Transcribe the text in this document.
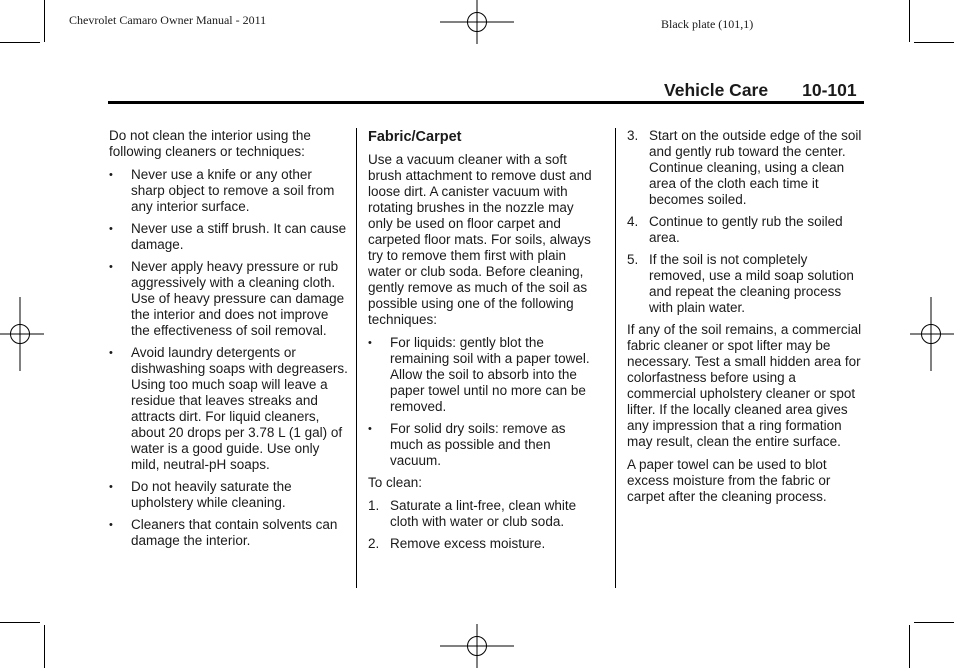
Chevrolet Camaro Owner Manual - 2011	Black plate (101,1)
Vehicle Care 10-101

Do not clean the interior using the following cleaners or techniques:

• Never use a knife or any other sharp object to remove a soil from any interior surface.
• Never use a stiff brush. It can cause damage.
• Never apply heavy pressure or rub aggressively with a cleaning cloth. Use of heavy pressure can damage the interior and does not improve the effectiveness of soil removal.
• Avoid laundry detergents or dishwashing soaps with degreasers. Using too much soap will leave a residue that leaves streaks and attracts dirt. For liquid cleaners, about 20 drops per 3.78 L (1 gal) of water is a good guide. Use only mild, neutral-pH soaps.
• Do not heavily saturate the upholstery while cleaning.
• Cleaners that contain solvents can damage the interior.
Fabric/Carpet

Use a vacuum cleaner with a soft brush attachment to remove dust and loose dirt. A canister vacuum with rotating brushes in the nozzle may only be used on floor carpet and carpeted floor mats. For soils, always try to remove them first with plain water or club soda. Before cleaning, gently remove as much of the soil as possible using one of the following techniques:

• For liquids: gently blot the remaining soil with a paper towel. Allow the soil to absorb into the paper towel until no more can be removed.
• For solid dry soils: remove as much as possible and then vacuum.

To clean:

1. Saturate a lint-free, clean white cloth with water or club soda.
2. Remove excess moisture.
3. Start on the outside edge of the soil and gently rub toward the center. Continue cleaning, using a clean area of the cloth each time it becomes soiled.
4. Continue to gently rub the soiled area.
5. If the soil is not completely removed, use a mild soap solution and repeat the cleaning process with plain water.

If any of the soil remains, a commercial fabric cleaner or spot lifter may be necessary. Test a small hidden area for colorfastness before using a commercial upholstery cleaner or spot lifter. If the locally cleaned area gives any impression that a ring formation may result, clean the entire surface.

A paper towel can be used to blot excess moisture from the fabric or carpet after the cleaning process.
